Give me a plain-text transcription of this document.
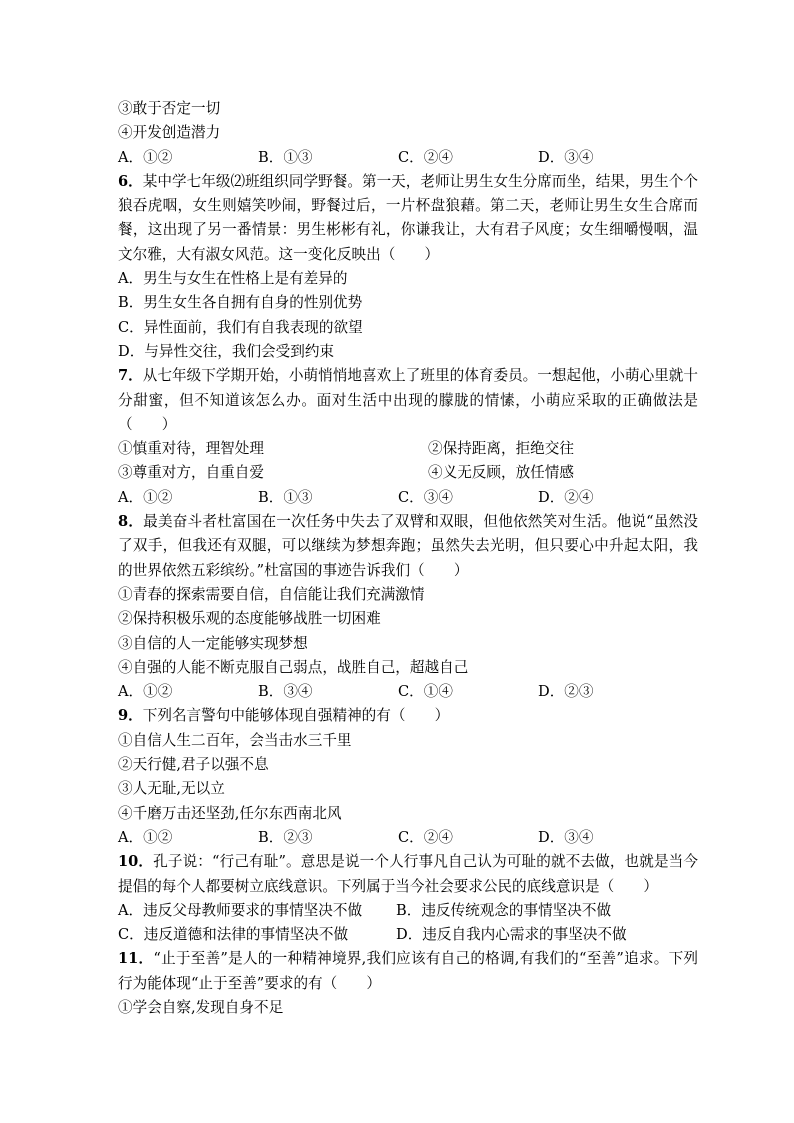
③敢于否定一切
④开发创造潜力
A．①②	B．①③	C．②④	D．③④
6．某中学七年级⑵班组织同学野餐。第一天，老师让男生女生分席而坐，结果，男生个个狼吞虎咽，女生则嬉笑吵闹，野餐过后，一片杯盘狼藉。第二天，老师让男生女生合席而餐，这出现了另一番情景：男生彬彬有礼，你谦我让，大有君子风度；女生细嚼慢咽，温文尔雅，大有淑女风范。这一变化反映出（　　）
A．男生与女生在性格上是有差异的
B．男生女生各自拥有自身的性别优势
C．异性面前，我们有自我表现的欲望
D．与异性交往，我们会受到约束
7．从七年级下学期开始，小萌悄悄地喜欢上了班里的体育委员。一想起他，小萌心里就十分甜蜜，但不知道该怎么办。面对生活中出现的朦胧的情愫，小萌应采取的正确做法是（　　）
①慎重对待，理智处理	②保持距离，拒绝交往
③尊重对方，自重自爱	④义无反顾，放任情感
A．①②	B．①③	C．③④	D．②④
8．最美奋斗者杜富国在一次任务中失去了双臂和双眼，但他依然笑对生活。他说“虽然没了双手，但我还有双腿，可以继续为梦想奔跑；虽然失去光明，但只要心中升起太阳，我的世界依然五彩缤纷。”杜富国的事迹告诉我们（　　）
①青春的探索需要自信，自信能让我们充满激情
②保持积极乐观的态度能够战胜一切困难
③自信的人一定能够实现梦想
④自强的人能不断克服自己弱点，战胜自己，超越自己
A．①②	B．③④	C．①④	D．②③
9．下列名言警句中能够体现自强精神的有（　　）
①自信人生二百年，会当击水三千里
②天行健,君子以强不息
③人无耻,无以立
④千磨万击还坚劲,任尔东西南北风
A．①②	B．②③	C．②④	D．③④
10．孔子说：“行己有耻”。意思是说一个人行事凡自己认为可耻的就不去做，也就是当今提倡的每个人都要树立底线意识。下列属于当今社会要求公民的底线意识是（　　）
A．违反父母教师要求的事情坚决不做	B．违反传统观念的事情坚决不做
C．违反道德和法律的事情坚决不做	D．违反自我内心需求的事坚决不做
11．“止于至善”是人的一种精神境界,我们应该有自己的格调,有我们的“至善”追求。下列行为能体现“止于至善”要求的有（　　）
①学会自察,发现自身不足
